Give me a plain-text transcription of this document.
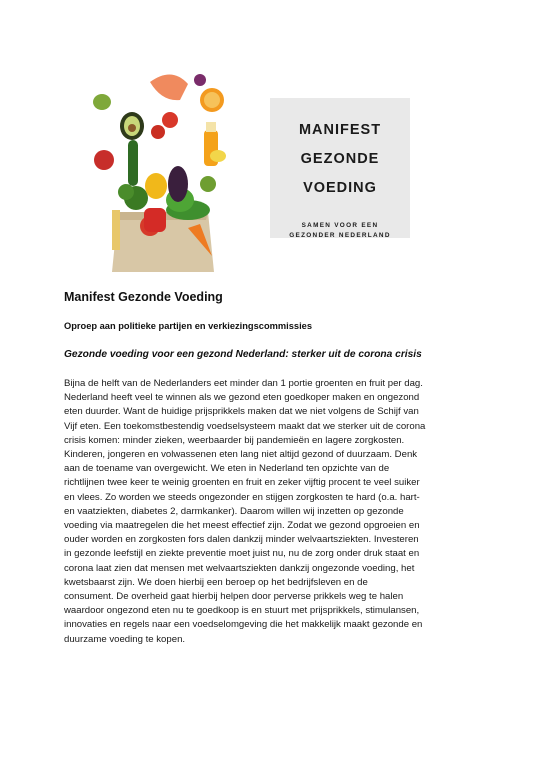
MANIFEST
GEZONDE
VOEDING
SAMEN VOOR EEN
GEZONDER NEDERLAND
Manifest Gezonde Voeding
Oproep aan politieke partijen en verkiezingscommissies
Gezonde voeding voor een gezond Nederland: sterker uit de corona crisis
Bijna de helft van de Nederlanders eet minder dan 1 portie groenten en fruit per dag.
Nederland heeft veel te winnen als we gezond eten goedkoper maken en ongezond
eten duurder. Want de huidige prijsprikkels maken dat we niet volgens de Schijf van
Vijf eten. Een toekomstbestendig voedselsysteem maakt dat we sterker uit de corona
crisis komen: minder zieken, weerbaarder bij pandemieën en lagere zorgkosten.
Kinderen, jongeren en volwassenen eten lang niet altijd gezond of duurzaam. Denk
aan de toename van overgewicht. We eten in Nederland ten opzichte van de
richtlijnen twee keer te weinig groenten en fruit en zeker vijftig procent te veel suiker
en vlees. Zo worden we steeds ongezonder en stijgen zorgkosten te hard (o.a. hart-
en vaatziekten, diabetes 2, darmkanker). Daarom willen wij inzetten op gezonde
voeding via maatregelen die het meest effectief zijn. Zodat we gezond opgroeien en
ouder worden en zorgkosten fors dalen dankzij minder welvaartsziekten. Investeren
in gezonde leefstijl en ziekte preventie moet juist nu, nu de zorg onder druk staat en
corona laat zien dat mensen met welvaartsziekten dankzij ongezonde voeding, het
kwetsbaarst zijn. We doen hierbij een beroep op het bedrijfsleven en de
consument. De overheid gaat hierbij helpen door perverse prikkels weg te halen
waardoor ongezond eten nu te goedkoop is en stuurt met prijsprikkels, stimulansen,
innovaties en regels naar een voedselomgeving die het makkelijk maakt gezonde en
duurzame voeding te kopen.
